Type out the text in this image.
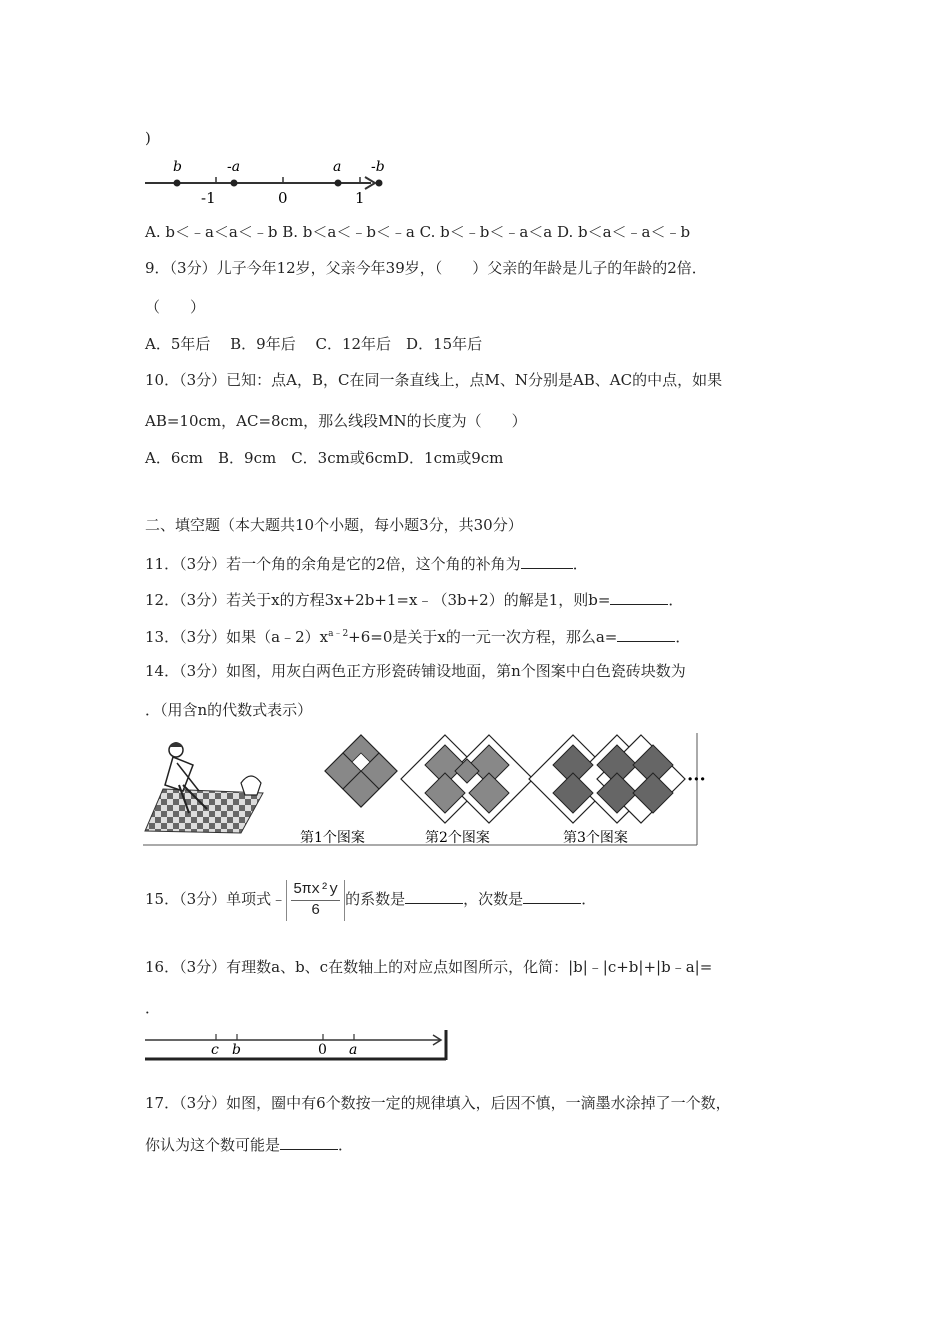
)
b	-a	a -b
-1	0	1
A. b＜﹣a＜a＜﹣b B. b＜a＜﹣b＜﹣a C. b＜﹣b＜﹣a＜a D. b＜a＜﹣a＜﹣b
9．（3分）儿子今年12岁，父亲今年39岁，（　　）父亲的年龄是儿子的年龄的2倍．
（　　）
A．5年后　 B．9年后　 C．12年后　D．15年后
10．（3分）已知：点A，B，C在同一条直线上，点M、N分别是AB、AC的中点，如果
AB=10cm，AC=8cm，那么线段MN的长度为（　　）
A．6cm　B．9cm　C．3cm或6cmD．1cm或9cm
二、填空题（本大题共10个小题，每小题3分，共30分）
11．（3分）若一个角的余角是它的2倍，这个角的补角为	．
12．（3分）若关于x的方程3x+2b+1=x﹣（3b+2）的解是1，则b=	．
13．（3分）如果$(a﹣2)x^{a﹣2}+6=0$是关于x的一元一次方程，那么a=	．
14．（3分）如图，用灰白两色正方形瓷砖铺设地面，第n个图案中白色瓷砖块数为
．（用含n的代数式表示）
···
第1个图案	第2个图案	第3个图案
15．（3分）单项式﹣ $\frac{\text{5πx²y}}{6}$ 的系数是	，次数是	．
16．（3分）有理数a、b、c在数轴上的对应点如图所示，化简：|b|﹣|c+b|+|b﹣a|=
．
c b	0 a
17．（3分）如图，圈中有6个数按一定的规律填入，后因不慎，一滴墨水涂掉了一个数，
你认为这个数可能是	．
